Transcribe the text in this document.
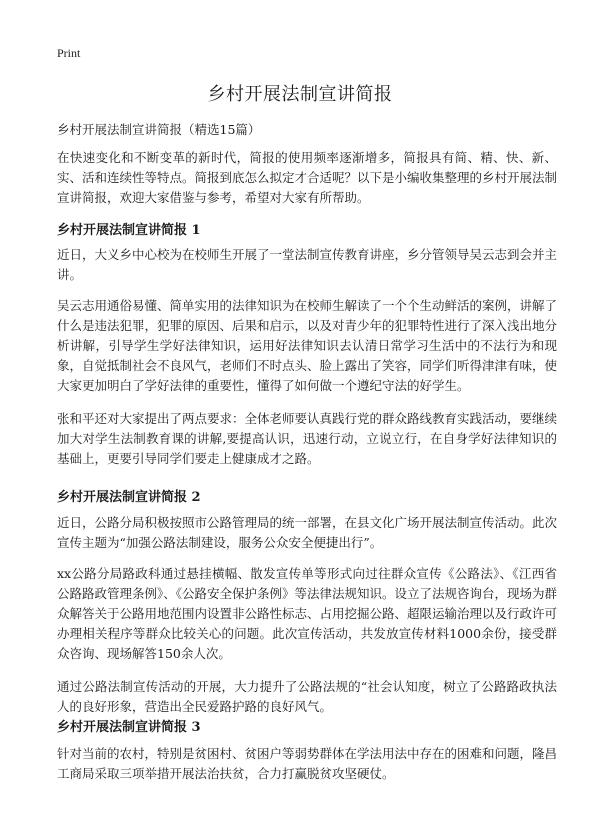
Print
乡村开展法制宣讲简报
乡村开展法制宣讲简报（精选15篇）

在快速变化和不断变革的新时代，简报的使用频率逐渐增多，简报具有简、精、快、新、实、活和连续性等特点。简报到底怎么拟定才合适呢？以下是小编收集整理的乡村开展法制宣讲简报，欢迎大家借鉴与参考，希望对大家有所帮助。

乡村开展法制宣讲简报 1

近日，大义乡中心校为在校师生开展了一堂法制宣传教育讲座，乡分管领导吴云志到会并主讲。

吴云志用通俗易懂、简单实用的法律知识为在校师生解读了一个个生动鲜活的案例，讲解了什么是违法犯罪，犯罪的原因、后果和启示，以及对青少年的犯罪特性进行了深入浅出地分析讲解，引导学生学好法律知识，运用好法律知识去认清日常学习生活中的不法行为和现象，自觉抵制社会不良风气，老师们不时点头、脸上露出了笑容，同学们听得津津有味，使大家更加明白了学好法律的重要性，懂得了如何做一个遵纪守法的好学生。

张和平还对大家提出了两点要求：全体老师要认真践行党的群众路线教育实践活动，要继续加大对学生法制教育课的讲解,要提高认识，迅速行动，立说立行，在自身学好法律知识的基础上，更要引导同学们要走上健康成才之路。

乡村开展法制宣讲简报 2

近日，公路分局积极按照市公路管理局的统一部署，在县文化广场开展法制宣传活动。此次宣传主题为“加强公路法制建设，服务公众安全便捷出行”。

xx公路分局路政科通过悬挂横幅、散发宣传单等形式向过往群众宣传《公路法》、《江西省公路路政管理条例》、《公路安全保护条例》等法律法规知识。设立了法规咨询台，现场为群众解答关于公路用地范围内设置非公路性标志、占用挖掘公路、超限运输治理以及行政许可办理相关程序等群众比较关心的问题。此次宣传活动，共发放宣传材料1000余份，接受群众咨询、现场解答150余人次。

通过公路法制宣传活动的开展，大力提升了公路法规的“社会认知度，树立了公路路政执法人的良好形象，营造出全民爱路护路的良好风气。

乡村开展法制宣讲简报 3

针对当前的农村，特别是贫困村、贫困户等弱势群体在学法用法中存在的困难和问题，隆昌工商局采取三项举措开展法治扶贫，合力打赢脱贫攻坚硬仗。
